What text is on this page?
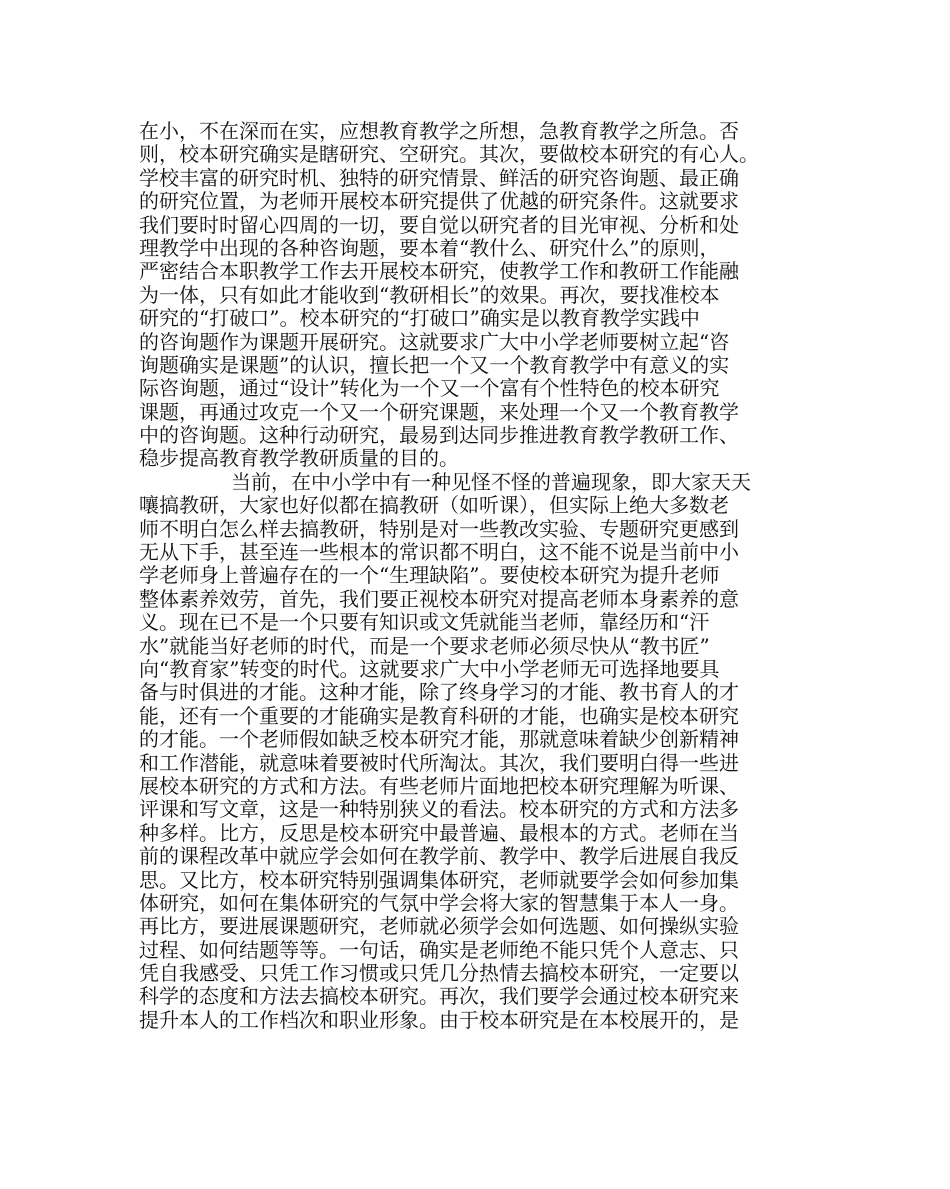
在小，不在深而在实，应想教育教学之所想，急教育教学之所急。否
则，校本研究确实是瞎研究、空研究。其次，要做校本研究的有心人。
学校丰富的研究时机、独特的研究情景、鲜活的研究咨询题、最正确
的研究位置，为老师开展校本研究提供了优越的研究条件。这就要求
我们要时时留心四周的一切，要自觉以研究者的目光审视、分析和处
理教学中出现的各种咨询题，要本着“教什么、研究什么”的原则，
严密结合本职教学工作去开展校本研究，使教学工作和教研工作能融
为一体，只有如此才能收到“教研相长”的效果。再次，要找准校本
研究的“打破口”。校本研究的“打破口”确实是以教育教学实践中
的咨询题作为课题开展研究。这就要求广大中小学老师要树立起“咨
询题确实是课题”的认识，擅长把一个又一个教育教学中有意义的实
际咨询题，通过“设计”转化为一个又一个富有个性特色的校本研究
课题，再通过攻克一个又一个研究课题，来处理一个又一个教育教学
中的咨询题。这种行动研究，最易到达同步推进教育教学教研工作、
稳步提高教育教学教研质量的目的。
当前，在中小学中有一种见怪不怪的普遍现象，即大家天天
嚷搞教研，大家也好似都在搞教研（如听课），但实际上绝大多数老
师不明白怎么样去搞教研，特别是对一些教改实验、专题研究更感到
无从下手，甚至连一些根本的常识都不明白，这不能不说是当前中小
学老师身上普遍存在的一个“生理缺陷”。要使校本研究为提升老师
整体素养效劳，首先，我们要正视校本研究对提高老师本身素养的意
义。现在已不是一个只要有知识或文凭就能当老师，靠经历和“汗
水”就能当好老师的时代，而是一个要求老师必须尽快从“教书匠”
向“教育家”转变的时代。这就要求广大中小学老师无可选择地要具
备与时俱进的才能。这种才能，除了终身学习的才能、教书育人的才
能，还有一个重要的才能确实是教育科研的才能，也确实是校本研究
的才能。一个老师假如缺乏校本研究才能，那就意味着缺少创新精神
和工作潜能，就意味着要被时代所淘汰。其次，我们要明白得一些进
展校本研究的方式和方法。有些老师片面地把校本研究理解为听课、
评课和写文章，这是一种特别狭义的看法。校本研究的方式和方法多
种多样。比方，反思是校本研究中最普遍、最根本的方式。老师在当
前的课程改革中就应学会如何在教学前、教学中、教学后进展自我反
思。又比方，校本研究特别强调集体研究，老师就要学会如何参加集
体研究，如何在集体研究的气氛中学会将大家的智慧集于本人一身。
再比方，要进展课题研究，老师就必须学会如何选题、如何操纵实验
过程、如何结题等等。一句话，确实是老师绝不能只凭个人意志、只
凭自我感受、只凭工作习惯或只凭几分热情去搞校本研究，一定要以
科学的态度和方法去搞校本研究。再次，我们要学会通过校本研究来
提升本人的工作档次和职业形象。由于校本研究是在本校展开的，是
